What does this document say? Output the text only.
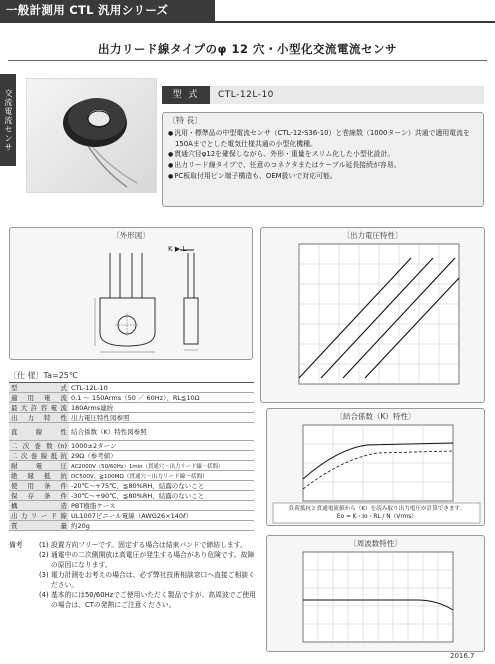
一般計測用 CTL 汎用シリーズ
出力リード線タイプのφ 12 穴・小型化交流電流センサ
交流電流センサ	型 式	CTL-12L-10
〔特 長〕
● 汎用・標準品の中型電流センサ（CTL-12-S36-10）と巻線数（1000ターン）共通で適用電流を150Aまでとした電気仕様共通の小型化機種。
● 貫通穴径φ12を確保しながら、外形・重量をスリム化した小型化設計。
● 出力リード線タイプで、任意のコネクタまたはケーブル延長接続が容易。
● PC板取付用ピン端子構造も、OEM扱いで対応可能。
〔外形図〕
K ▶ L
〔出力電圧特性〕
〔結合係数（K）特性〕
負荷抵抗と貫通電流値から（K）を読み取り出力電圧が計算できます。
Eo = K・Io・RL / N（Vrms）
〔周波数特性〕
〔仕 様〕Ta=25℃
型 式	CTL-12L-10
適用電流	0.1 ～ 150Arms（50 ／ 60Hz）、RL≦10Ω
最大許容電流	180Arms連続
出力特性	出力電圧特性図参照
直線性	結合係数（K）特性図参照
二次巻数(n)	1000±2ターン
二次巻線抵抗	29Ω（参考値）
耐 電 圧	AC2000V（50/60Hz）1min（貫通穴－出力リード線一括間）
絶縁抵抗	DC500V、≧100MΩ（貫通穴－出力リード線一括間）
使用条件	-20℃～+75℃、≦80%RH、結露のないこと
保存条件	-30℃～+90℃、≦80%RH、結露のないこと
構 造	PBT樹脂ケース
出力リード線	UL1007ビニール電線（AWG26×140ℓ）
質 量	約20g
備考	(1) 設置方向フリーです。固定する場合は結束バンドで締結します。
(2) 通電中の二次側開放は高電圧が発生する場合があり危険です。故障の原因になります。
(3) 電力計測をお考えの場合は、必ず弊社技術相談窓口へ直接ご相談ください。
(4) 基本的には50/60Hzでご使用いただく製品ですが、高周波でご使用の場合は、CTの発熱にご注意ください。
2016.7
